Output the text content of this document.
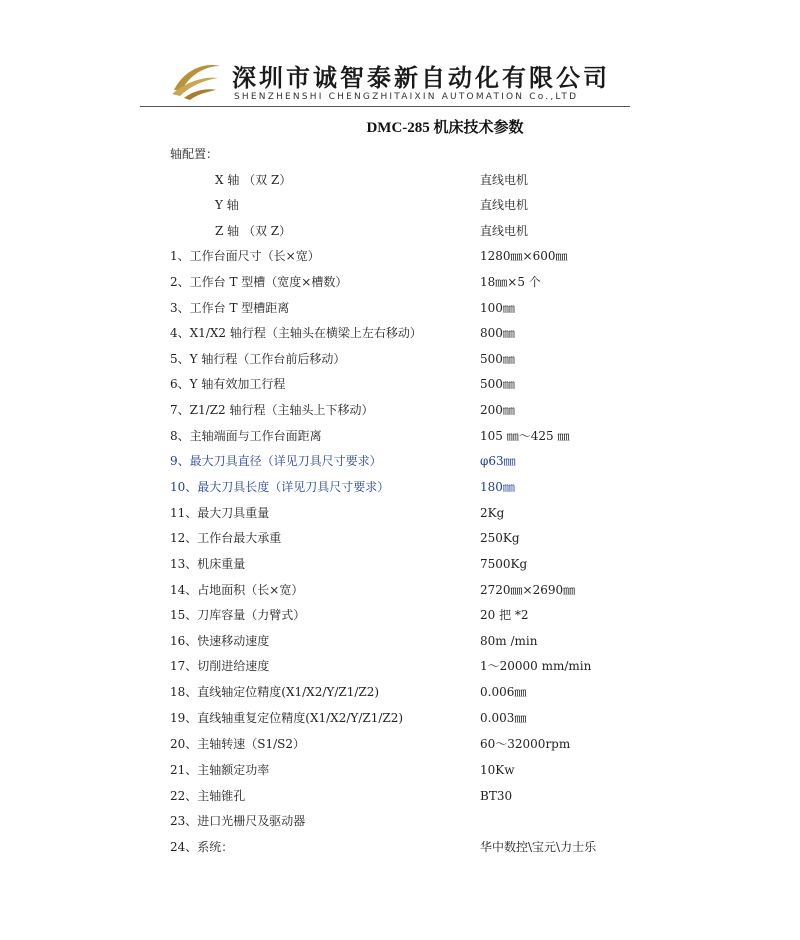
深圳市诚智泰新自动化有限公司
SHENZHENSHI CHENGZHITAIXIN AUTOMATION Co.,LTD
DMC-285 机床技术参数
轴配置：
X 轴 （双 Z）	直线电机
Y 轴	直线电机
Z 轴 （双 Z）	直线电机
1、工作台面尺寸（长×宽）	1280㎜×600㎜
2、工作台 T 型槽（宽度×槽数）	18㎜×5 个
3、工作台 T 型槽距离	100㎜
4、X1/X2 轴行程（主轴头在横梁上左右移动）	800㎜
5、Y 轴行程（工作台前后移动）	500㎜
6、Y 轴有效加工行程	500㎜
7、Z1/Z2 轴行程（主轴头上下移动）	200㎜
8、主轴端面与工作台面距离	105 ㎜～425 ㎜
9、最大刀具直径（详见刀具尺寸要求）	φ63㎜
10、最大刀具长度（详见刀具尺寸要求）	180㎜
11、最大刀具重量	2Kg
12、工作台最大承重	250Kg
13、机床重量	7500Kg
14、占地面积（长×宽）	2720㎜×2690㎜
15、刀库容量（力臂式）	20 把 *2
16、快速移动速度	80m /min
17、切削进给速度	1～20000 mm/min
18、直线轴定位精度(X1/X2/Y/Z1/Z2)	0.006㎜
19、直线轴重复定位精度(X1/X2/Y/Z1/Z2)	0.003㎜
20、主轴转速（S1/S2）	60～32000rpm
21、主轴额定功率	10Kw
22、主轴锥孔	BT30
23、进口光栅尺及驱动器
24、系统：	华中数控\宝元\力士乐
